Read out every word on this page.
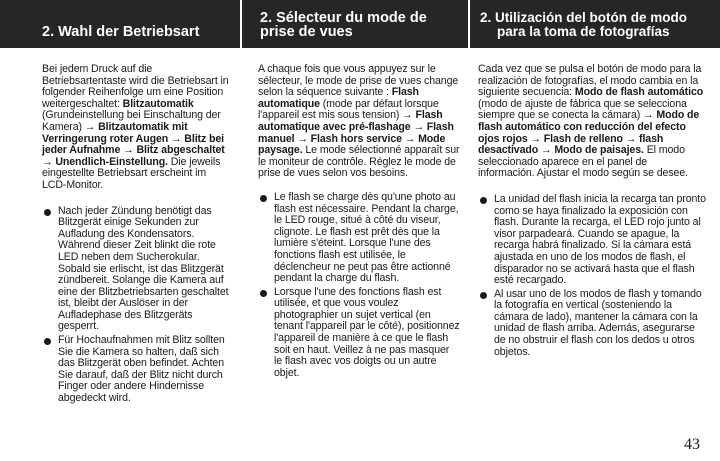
2. Wahl der Betriebsart

Bei jedem Druck auf die Betriebsartentaste wird die Betriebsart in folgender Reihenfolge um eine Position weitergeschaltet: Blitzautomatik (Grundeinstellung bei Einschaltung der Kamera) → Blitzautomatik mit Verringerung roter Augen → Blitz bei jeder Aufnahme → Blitz abgeschaltet → Unendlich-Einstellung. Die jeweils eingestellte Betriebsart erscheint im LCD-Monitor.

Nach jeder Zündung benötigt das Blitzgerät einige Sekunden zur Aufladung des Kondensators. Während dieser Zeit blinkt die rote LED neben dem Sucherokular. Sobald sie erlischt, ist das Blitzgerät zündbereit. Solange die Kamera auf eine der Blitzbetriebsarten geschaltet ist, bleibt der Auslöser in der Aufladephase des Blitzgeräts gesperrt.
Für Hochaufnahmen mit Blitz sollten Sie die Kamera so halten, daß sich das Blitzgerät oben befindet. Achten Sie darauf, daß der Blitz nicht durch Finger oder andere Hindernisse abgedeckt wird.
2. Sélecteur du mode de
prise de vues

A chaque fois que vous appuyez sur le sélecteur, le mode de prise de vues change selon la séquence suivante : Flash automatique (mode par défaut lorsque l'appareil est mis sous tension) → Flash automatique avec pré-flashage → Flash manuel → Flash hors service → Mode paysage. Le mode sélectionné apparaît sur le moniteur de contrôle. Réglez le mode de prise de vues selon vos besoins.

Le flash se charge dès qu'une photo au flash est nécessaire. Pendant la charge, le LED rouge, situé à côté du viseur, clignote. Le flash est prêt dès que la lumière s'éteint. Lorsque l'une des fonctions flash est utilisée, le déclencheur ne peut pas être actionné pendant la charge du flash.
Lorsque l'une des fonctions flash est utilisée, et que vous voulez photographier un sujet vertical (en tenant l'appareil par le côté), positionnez l'appareil de manière à ce que le flash soit en haut. Veillez à ne pas masquer le flash avec vos doigts ou un autre objet.
2. Utilización del botón de modo
para la toma de fotografías

Cada vez que se pulsa el botón de modo para la realización de fotografías, el modo cambia en la siguiente secuencia: Modo de flash automático (modo de ajuste de fábrica que se selecciona siempre que se conecta la cámara) → Modo de flash automático con reducción del efecto ojos rojos → Flash de relleno → flash desactivado → Modo de paisajes. El modo seleccionado aparece en el panel de información. Ajustar el modo según se desee.

La unidad del flash inicia la recarga tan pronto como se haya finalizado la exposición con flash. Durante la recarga, el LED rojo junto al visor parpadeará. Cuando se apague, la recarga habrá finalizado. Si la cámara está ajustada en uno de los modos de flash, el disparador no se activará hasta que el flash esté recargado.
Al usar uno de los modos de flash y tomando la fotografía en vertical (sosteniendo la cámara de lado), mantener la cámara con la unidad de flash arriba. Además, asegurarse de no obstruir el flash con los dedos u otros objetos.
43
